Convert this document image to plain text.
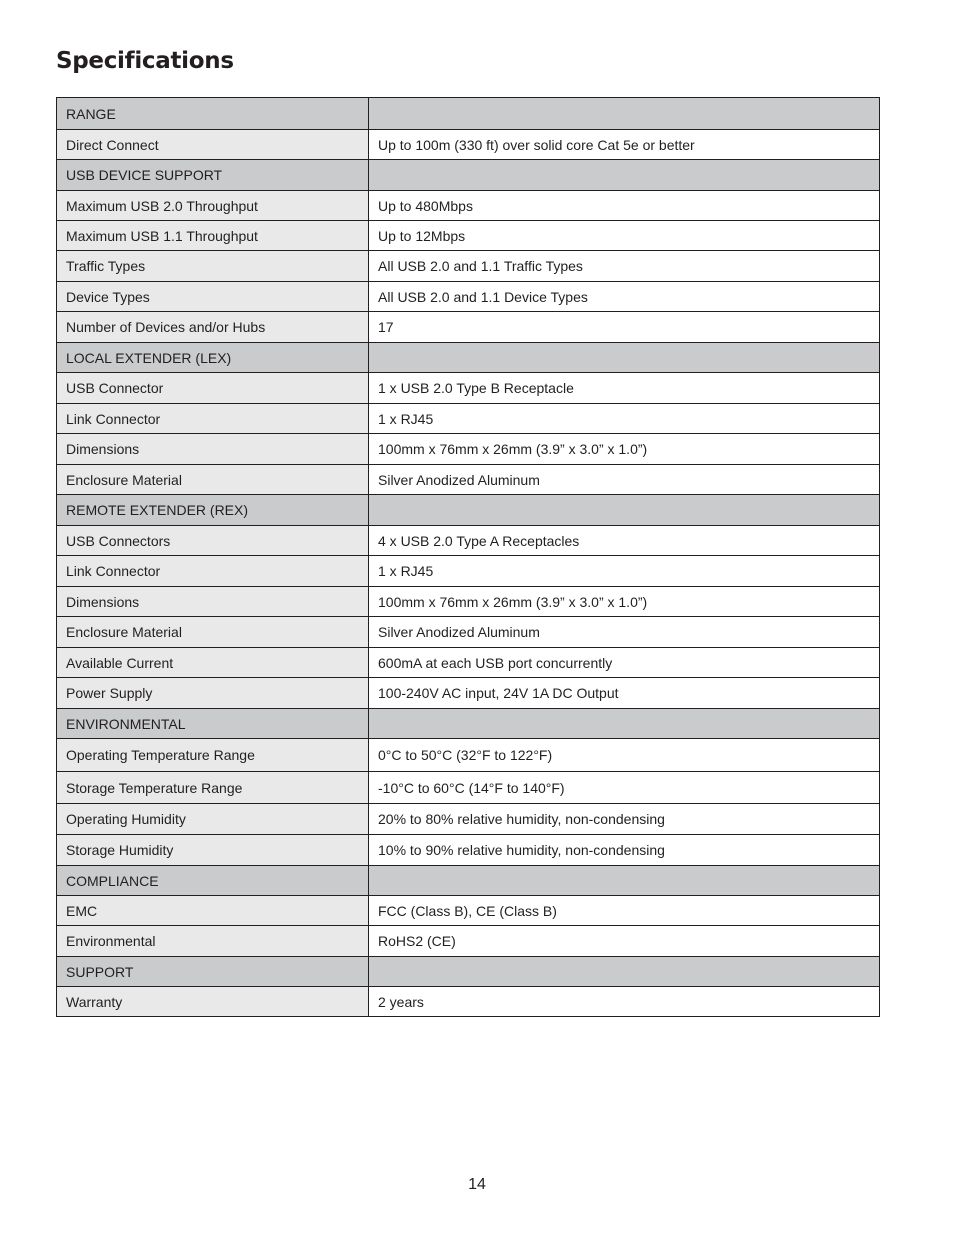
Specifications
RANGE	
Direct Connect	Up to 100m (330 ft) over solid core Cat 5e or better
USB DEVICE SUPPORT	
Maximum USB 2.0 Throughput	Up to 480Mbps
Maximum USB 1.1 Throughput	Up to 12Mbps
Traffic Types	All USB 2.0 and 1.1 Traffic Types
Device Types	All USB 2.0 and 1.1 Device Types
Number of Devices and/or Hubs	17
LOCAL EXTENDER (LEX)	
USB Connector	1 x USB 2.0 Type B Receptacle
Link Connector	1 x RJ45
Dimensions	100mm x 76mm x 26mm (3.9” x 3.0” x 1.0”)
Enclosure Material	Silver Anodized Aluminum
REMOTE EXTENDER (REX)	
USB Connectors	4 x USB 2.0 Type A Receptacles
Link Connector	1 x RJ45
Dimensions	100mm x 76mm x 26mm (3.9” x 3.0” x 1.0”)
Enclosure Material	Silver Anodized Aluminum
Available Current	600mA at each USB port concurrently
Power Supply	100-240V AC input, 24V 1A DC Output
ENVIRONMENTAL	
Operating Temperature Range	0°C to 50°C (32°F to 122°F)
Storage Temperature Range	-10°C to 60°C (14°F to 140°F)
Operating Humidity	20% to 80% relative humidity, non-condensing
Storage Humidity	10% to 90% relative humidity, non-condensing
COMPLIANCE	
EMC	FCC (Class B), CE (Class B)
Environmental	RoHS2 (CE)
SUPPORT	
Warranty	2 years
14
